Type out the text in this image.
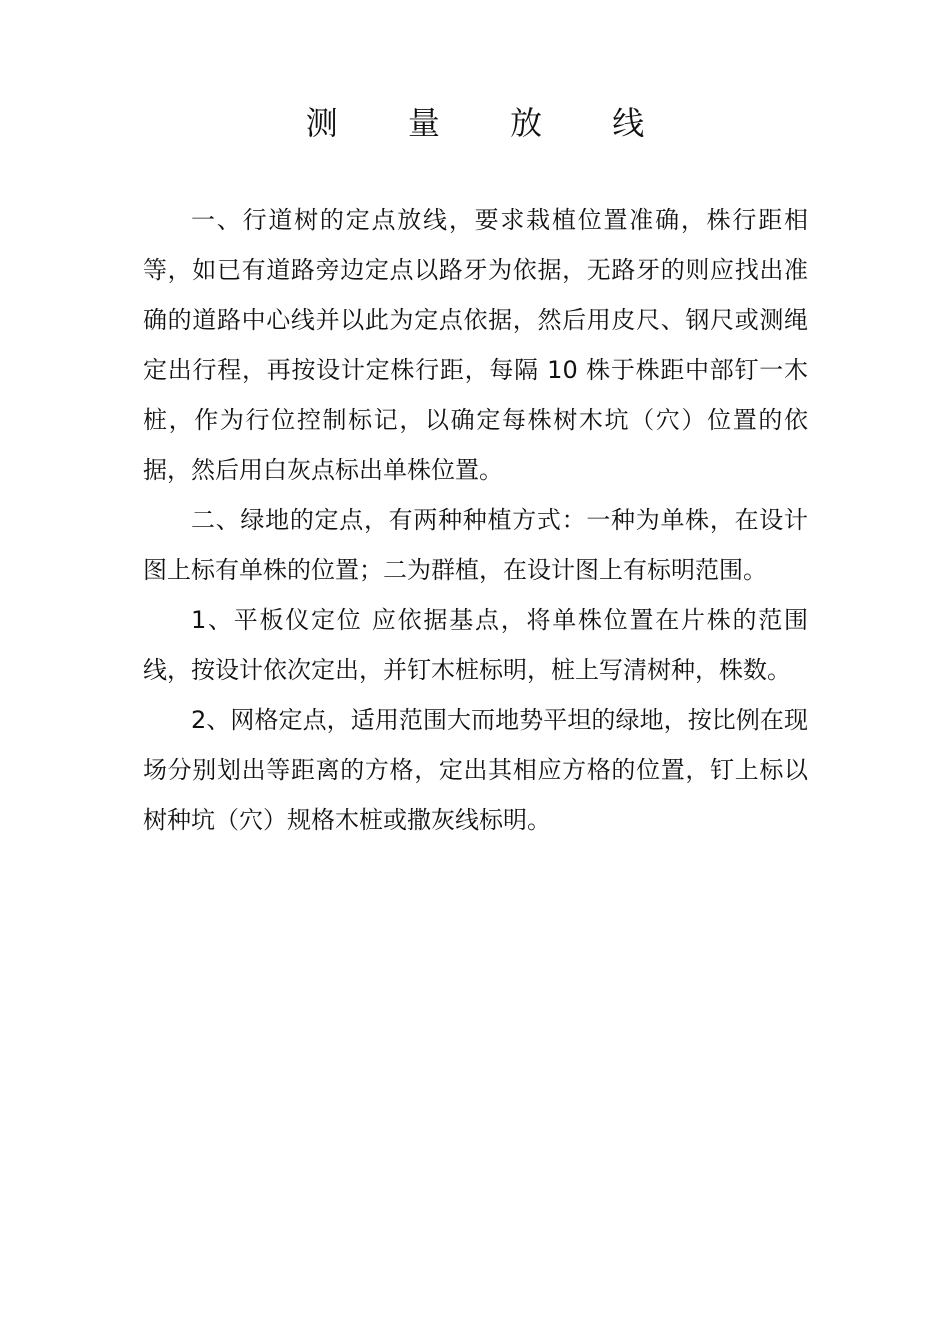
测 量 放 线

一、行道树的定点放线，要求栽植位置准确，株行距相等，如已有道路旁边定点以路牙为依据，无路牙的则应找出准确的道路中心线并以此为定点依据，然后用皮尺、钢尺或测绳定出行程，再按设计定株行距，每隔 10 株于株距中部钉一木桩，作为行位控制标记，以确定每株树木坑（穴）位置的依据，然后用白灰点标出单株位置。

二、绿地的定点，有两种种植方式：一种为单株，在设计图上标有单株的位置；二为群植，在设计图上有标明范围。

1、平板仪定位 应依据基点，将单株位置在片株的范围线，按设计依次定出，并钉木桩标明，桩上写清树种，株数。

2、网格定点，适用范围大而地势平坦的绿地，按比例在现场分别划出等距离的方格，定出其相应方格的位置，钉上标以树种坑（穴）规格木桩或撒灰线标明。
